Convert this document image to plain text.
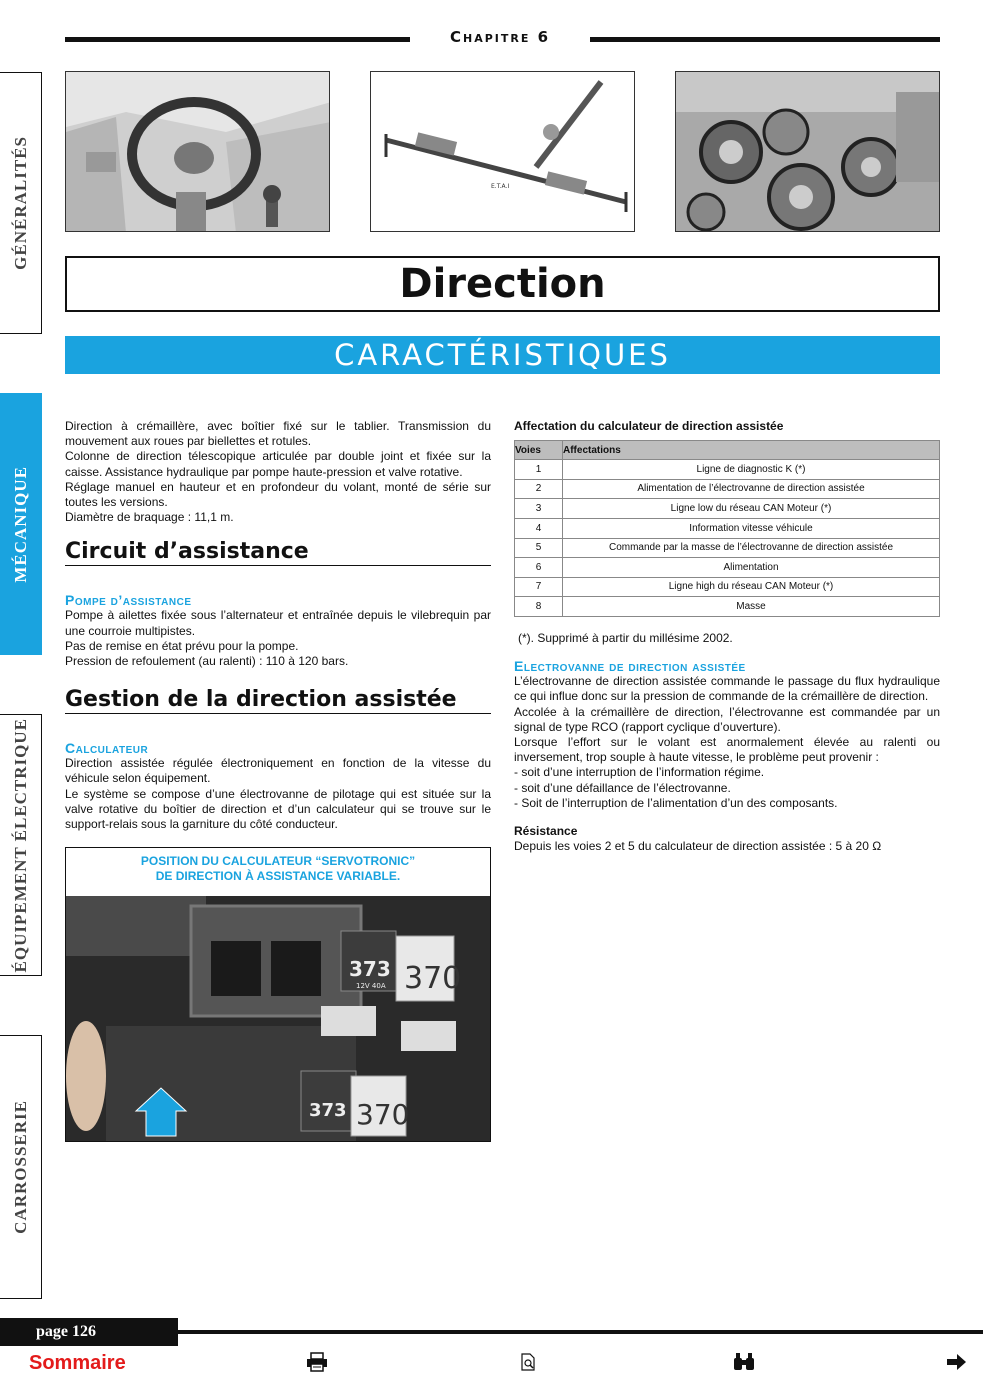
Chapitre 6
GÉNÉRALITÉS
MÉCANIQUE
ÉQUIPEMENT ÉLECTRIQUE
CARROSSERIE
E.T.A.I
Direction
CARACTÉRISTIQUES

Direction à crémaillère, avec boîtier fixé sur le tablier. Transmission du mouvement aux roues par biellettes et rotules.

Colonne de direction télescopique articulée par double joint et fixée sur la caisse. Assistance hydraulique par pompe haute-pression et valve rotative.

Réglage manuel en hauteur et en profondeur du volant, monté de série sur toutes les versions.

Diamètre de braquage : 11,1 m.

Circuit d’assistance
Pompe d’assistance

Pompe à ailettes fixée sous l’alternateur et entraînée depuis le vilebrequin par une courroie multipistes.

Pas de remise en état prévu pour la pompe.

Pression de refoulement (au ralenti) : 110 à 120 bars.

Gestion de la direction assistée
Calculateur

Direction assistée régulée électroniquement en fonction de la vitesse du véhicule selon équipement.

Le système se compose d’une électrovanne de pilotage qui est située sur la valve rotative du boîtier de direction et d’un calculateur qui se trouve sur le support-relais sous la garniture du côté conducteur.

POSITION DU CALCULATEUR “SERVOTRONIC”
DE DIRECTION À ASSISTANCE VARIABLE.
373
12V 40A 370
373 370
Affectation du calculateur de direction assistée
Voies	Affectations
1	Ligne de diagnostic K (*)
2	Alimentation de l’électrovanne de direction assistée
3	Ligne low du réseau CAN Moteur (*)
4	Information vitesse véhicule
5	Commande par la masse de l’électrovanne de direction assistée
6	Alimentation
7	Ligne high du réseau CAN Moteur (*)
8	Masse

(*). Supprimé à partir du millésime 2002.

Electrovanne de direction assistée

L’électrovanne de direction assistée commande le passage du flux hydraulique ce qui influe donc sur la pression de commande de la crémaillère de direction.

Accolée à la crémaillère de direction, l’électrovanne est commandée par un signal de type RCO (rapport cyclique d’ouverture).

Lorsque l’effort sur le volant est anormalement élevée au ralenti ou inversement, trop souple à haute vitesse, le problème peut provenir :

- soit d’une interruption de l’information régime.

- soit d’une défaillance de l’électrovanne.

- Soit de l’interruption de l’alimentation d’un des composants.

Résistance

Depuis les voies 2 et 5 du calculateur de direction assistée : 5 à 20 Ω

page 126
Sommaire
